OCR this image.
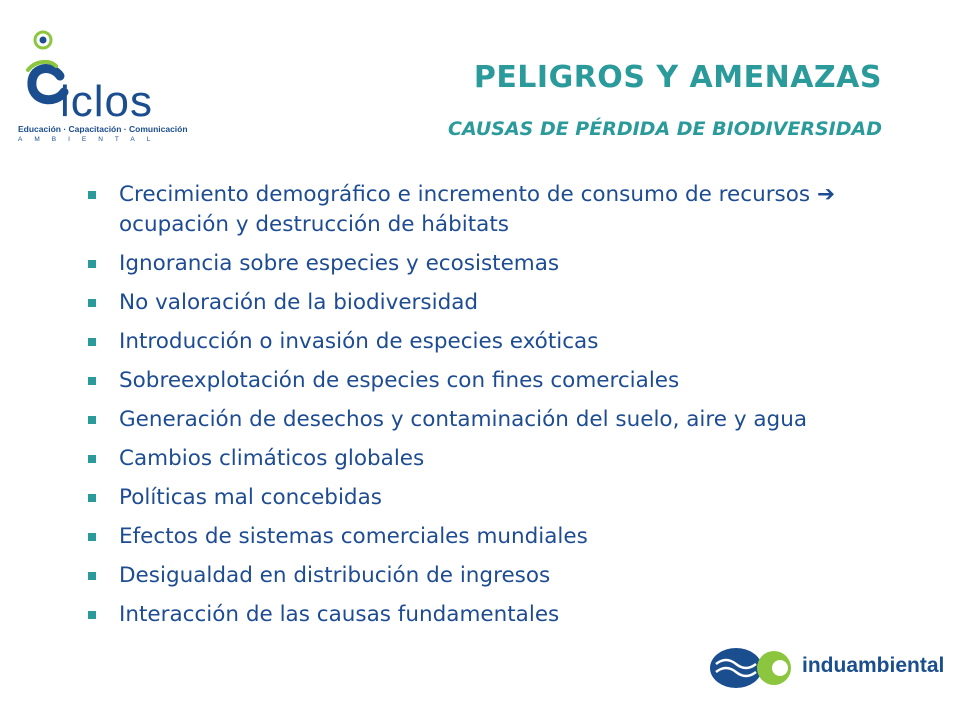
iclos
Educación · Capacitación · Comunicación
AMBIENTAL
PELIGROS Y AMENAZAS
CAUSAS DE PÉRDIDA DE BIODIVERSIDAD
Crecimiento demográfico e incremento de consumo de recursos ➔ ocupación y destrucción de hábitats
Ignorancia sobre especies y ecosistemas
No valoración de la biodiversidad
Introducción o invasión de especies exóticas
Sobreexplotación de especies con fines comerciales
Generación de desechos y contaminación del suelo, aire y agua
Cambios climáticos globales
Políticas mal concebidas
Efectos de sistemas comerciales mundiales
Desigualdad en distribución de ingresos
Interacción de las causas fundamentales
induambiental
